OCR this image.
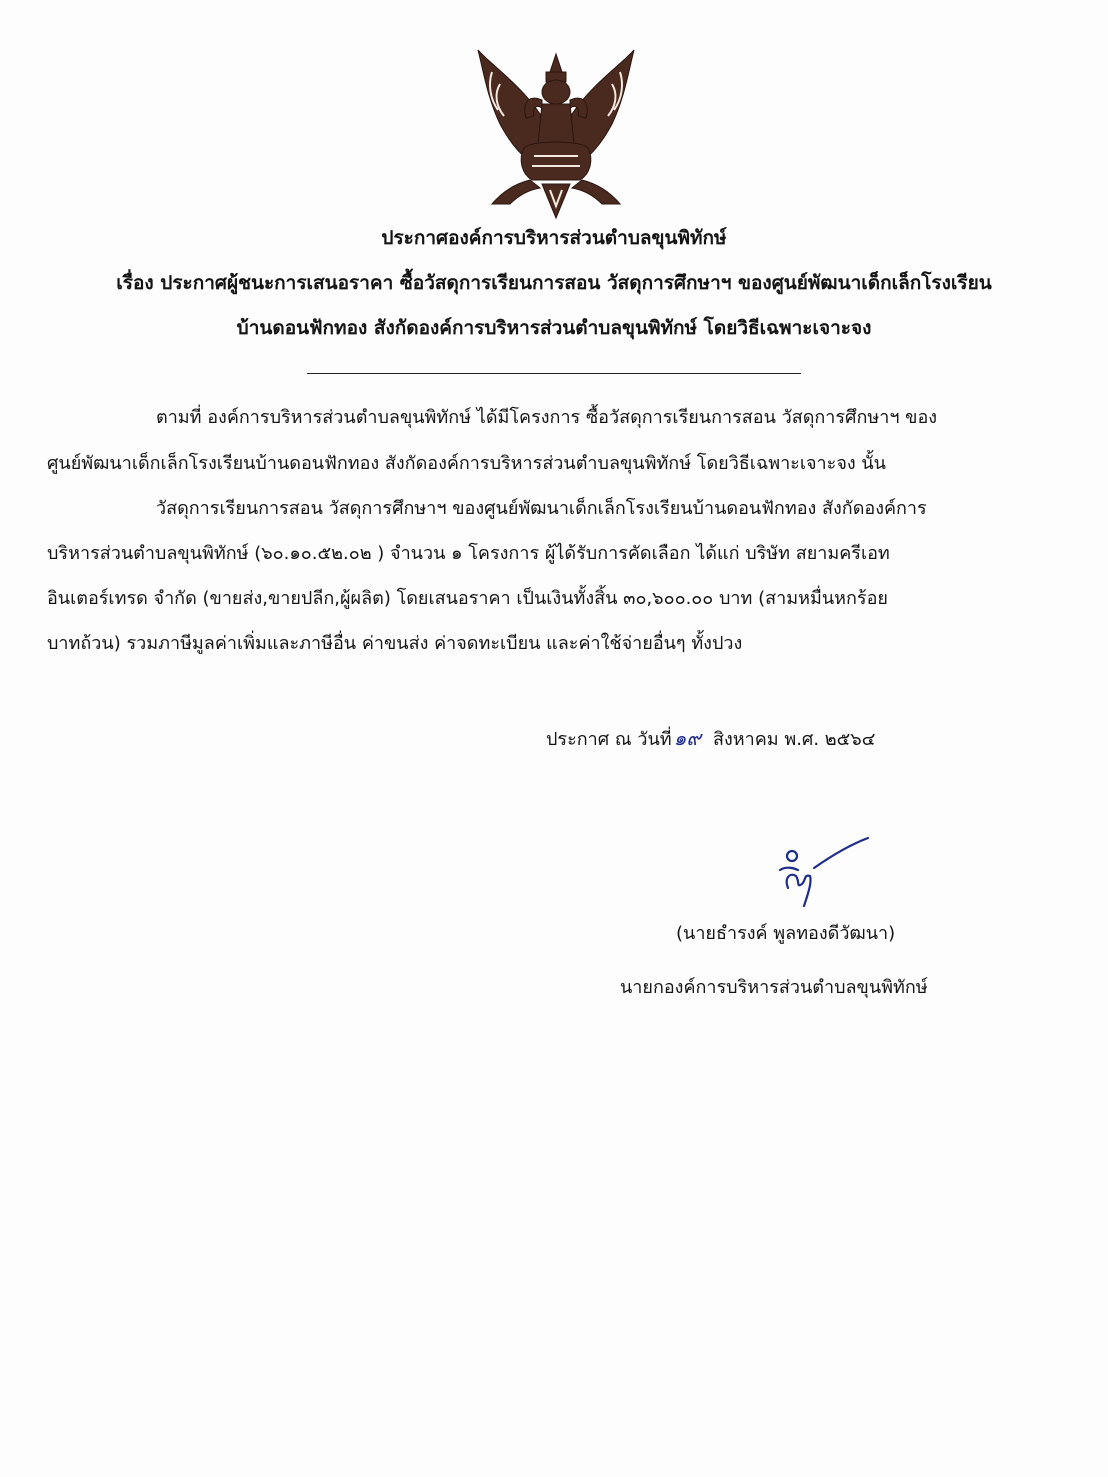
ประกาศองค์การบริหารส่วนตำบลขุนพิทักษ์
เรื่อง ประกาศผู้ชนะการเสนอราคา ซื้อวัสดุการเรียนการสอน วัสดุการศึกษาฯ ของศูนย์พัฒนาเด็กเล็กโรงเรียน
บ้านดอนฟักทอง สังกัดองค์การบริหารส่วนตำบลขุนพิทักษ์ โดยวิธีเฉพาะเจาะจง
ตามที่ องค์การบริหารส่วนตำบลขุนพิทักษ์ ได้มีโครงการ ซื้อวัสดุการเรียนการสอน วัสดุการศึกษาฯ ของ
ศูนย์พัฒนาเด็กเล็กโรงเรียนบ้านดอนฟักทอง สังกัดองค์การบริหารส่วนตำบลขุนพิทักษ์ โดยวิธีเฉพาะเจาะจง นั้น
วัสดุการเรียนการสอน วัสดุการศึกษาฯ ของศูนย์พัฒนาเด็กเล็กโรงเรียนบ้านดอนฟักทอง สังกัดองค์การ
บริหารส่วนตำบลขุนพิทักษ์ (๖๐.๑๐.๕๒.๐๒ ) จำนวน ๑ โครงการ ผู้ได้รับการคัดเลือก ได้แก่ บริษัท สยามครีเอท
อินเตอร์เทรด จำกัด (ขายส่ง,ขายปลีก,ผู้ผลิต) โดยเสนอราคา เป็นเงินทั้งสิ้น ๓๐,๖๐๐.๐๐ บาท (สามหมื่นหกร้อย
บาทถ้วน) รวมภาษีมูลค่าเพิ่มและภาษีอื่น ค่าขนส่ง ค่าจดทะเบียน และค่าใช้จ่ายอื่นๆ ทั้งปวง
ประกาศ ณ วันที่ ๑๙ สิงหาคม พ.ศ. ๒๕๖๔
(นายธำรงค์ พูลทองดีวัฒนา)
นายกองค์การบริหารส่วนตำบลขุนพิทักษ์
